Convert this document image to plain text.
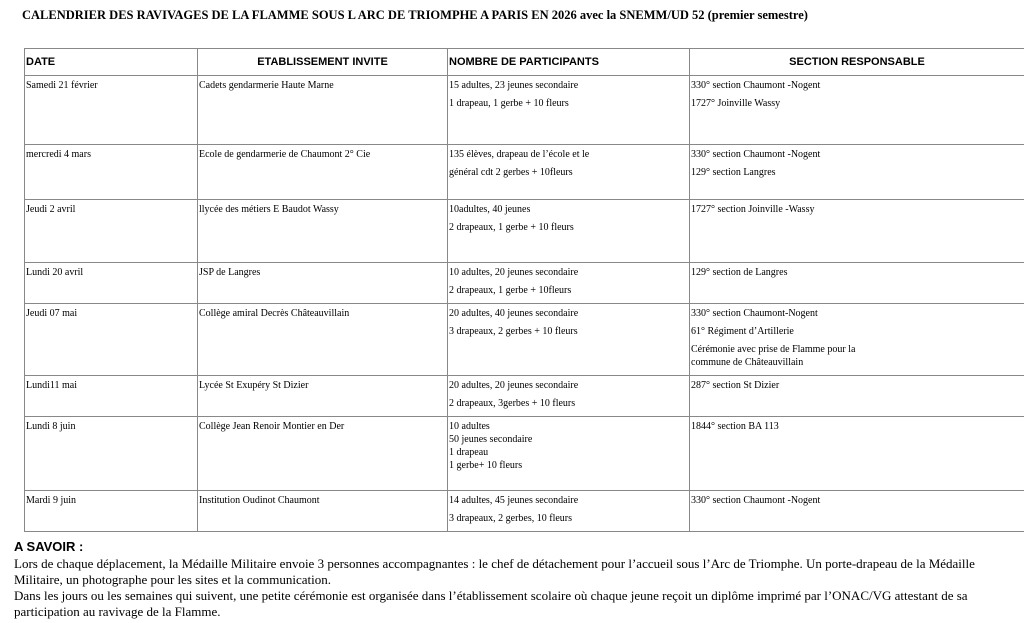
CALENDRIER DES RAVIVAGES DE LA FLAMME SOUS L ARC DE TRIOMPHE A PARIS EN 2026 avec la SNEMM/UD 52 (premier semestre)
DATE	ETABLISSEMENT INVITE	NOMBRE DE PARTICIPANTS	SECTION RESPONSABLE

Samedi 21 février	Cadets gendarmerie Haute Marne	15 adultes, 23 jeunes secondaire
1 drapeau, 1 gerbe + 10 fleurs	330° section Chaumont -Nogent
1727° Joinville Wassy

mercredi 4 mars	Ecole de gendarmerie de Chaumont 2° Cie	135 élèves, drapeau de l’école et le
général cdt 2 gerbes + 10fleurs	330° section Chaumont -Nogent
129° section Langres

Jeudi 2 avril	llycée des métiers E Baudot Wassy	10adultes, 40 jeunes
2 drapeaux, 1 gerbe + 10 fleurs	1727° section Joinville -Wassy

Lundi 20 avril	JSP de Langres	10 adultes, 20 jeunes secondaire
2 drapeaux, 1 gerbe + 10fleurs	129° section de Langres

Jeudi 07 mai	Collège amiral Decrès Châteauvillain	20 adultes, 40 jeunes secondaire
3 drapeaux, 2 gerbes + 10 fleurs	330° section Chaumont-Nogent
61° Régiment d’Artillerie
Cérémonie avec prise de Flamme pour la
commune de Châteauvillain

Lundi11 mai	Lycée St Exupéry St Dizier	20 adultes, 20 jeunes secondaire
2 drapeaux, 3gerbes + 10 fleurs	287° section St Dizier

Lundi 8 juin	Collège Jean Renoir Montier en Der	10 adultes
50 jeunes secondaire
1 drapeau
1 gerbe+ 10 fleurs	1844° section BA 113

Mardi 9 juin	Institution Oudinot Chaumont	14 adultes, 45 jeunes secondaire
3 drapeaux, 2 gerbes, 10 fleurs	330° section Chaumont -Nogent
A SAVOIR :
Lors de chaque déplacement, la Médaille Militaire envoie 3 personnes accompagnantes : le chef de détachement pour l’accueil sous l’Arc de Triomphe. Un porte-drapeau de la Médaille Militaire, un photographe pour les sites et la communication.
Dans les jours ou les semaines qui suivent, une petite cérémonie est organisée dans l’établissement scolaire où chaque jeune reçoit un diplôme imprimé par l’ONAC/VG attestant de sa participation au ravivage de la Flamme.
